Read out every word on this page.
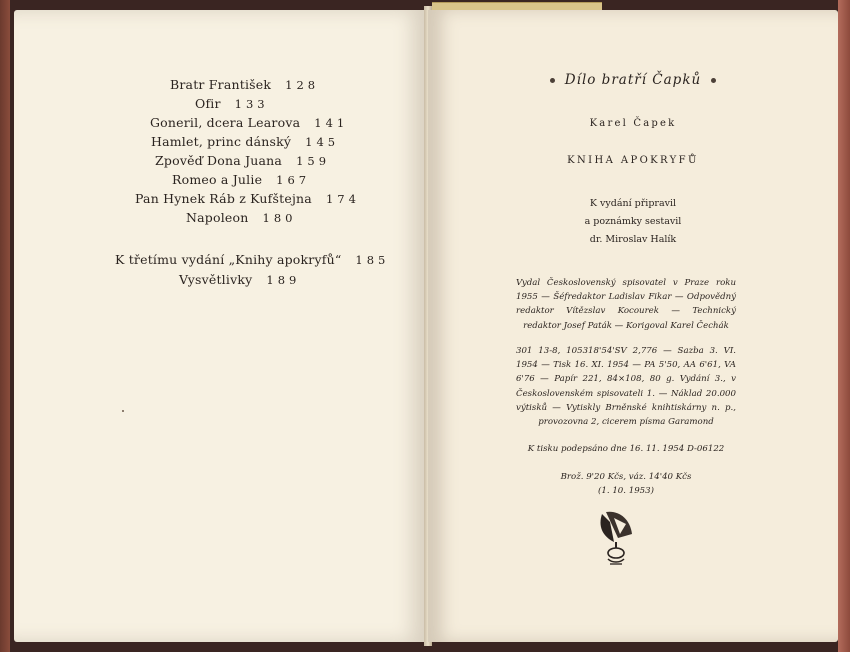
Bratr František 128
Ofir 133
Goneril, dcera Learova 141
Hamlet, princ dánský 145
Zpověď Dona Juana 159
Romeo a Julie 167
Pan Hynek Ráb z Kufštejna 174
Napoleon 180
K třetímu vydání „Knihy apokryfů“ 185
Vysvětlivky 189
Dílo bratří Čapků
Karel Čapek
KNIHA APOKRYFŮ
K vydání připravil
a poznámky sestavil
dr. Miroslav Halík
Vydal Československý spisovatel v Praze roku 1955 — Šéfredaktor Ladislav Fikar — Odpovědný redaktor Vítězslav Kocourek — Technický redaktor Josef Paták — Korigoval Karel Čechák
301 13-8, 105318'54'SV 2,776 — Sazba 3. VI. 1954 — Tisk 16. XI. 1954 — PA 5'50, AA 6'61, VA 6'76 — Papír 221, 84×108, 80 g. Vydání 3., v Československém spisovateli 1. — Náklad 20.000 výtisků — Vytiskly Brněnské knihtiskárny n. p., provozovna 2, cicerem písma Garamond
K tisku podepsáno dne 16. 11. 1954 D-06122
Brož. 9'20 Kčs, váz. 14'40 Kčs
(1. 10. 1953)
